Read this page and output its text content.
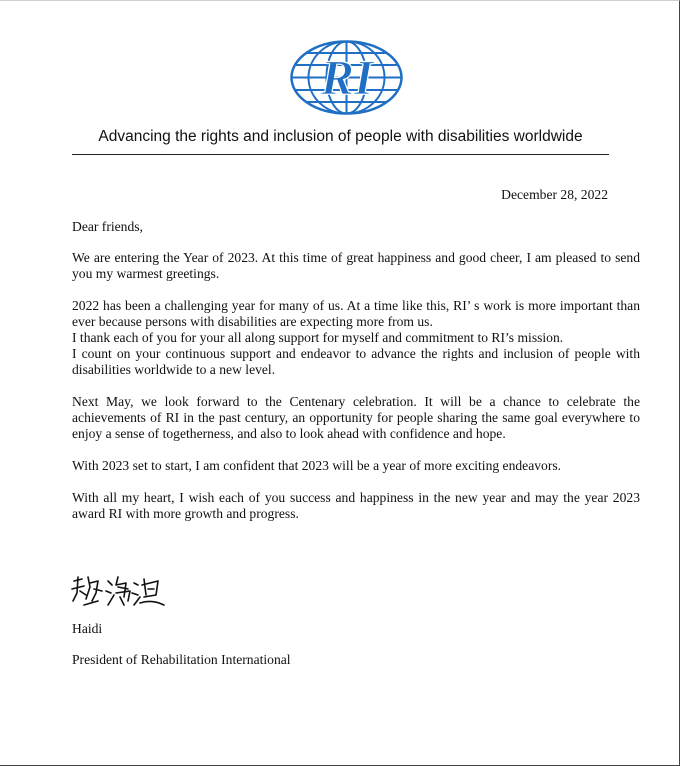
RI
Advancing the rights and inclusion of people with disabilities worldwide
December 28, 2022
Dear friends,

We are entering the Year of 2023. At this time of great happiness and good cheer, I am pleased to send you my warmest greetings.

2022 has been a challenging year for many of us. At a time like this, RI’ s work is more important than ever because persons with disabilities are expecting more from us.
I thank each of you for your all along support for myself and commitment to RI’s mission.
I count on your continuous support and endeavor to advance the rights and inclusion of people with disabilities worldwide to a new level.

Next May, we look forward to the Centenary celebration. It will be a chance to celebrate the achievements of RI in the past century, an opportunity for people sharing the same goal everywhere to enjoy a sense of togetherness, and also to look ahead with confidence and hope.

With 2023 set to start, I am confident that 2023 will be a year of more exciting endeavors.

With all my heart, I wish each of you success and happiness in the new year and may the year 2023 award RI with more growth and progress.

Haidi
President of Rehabilitation International
